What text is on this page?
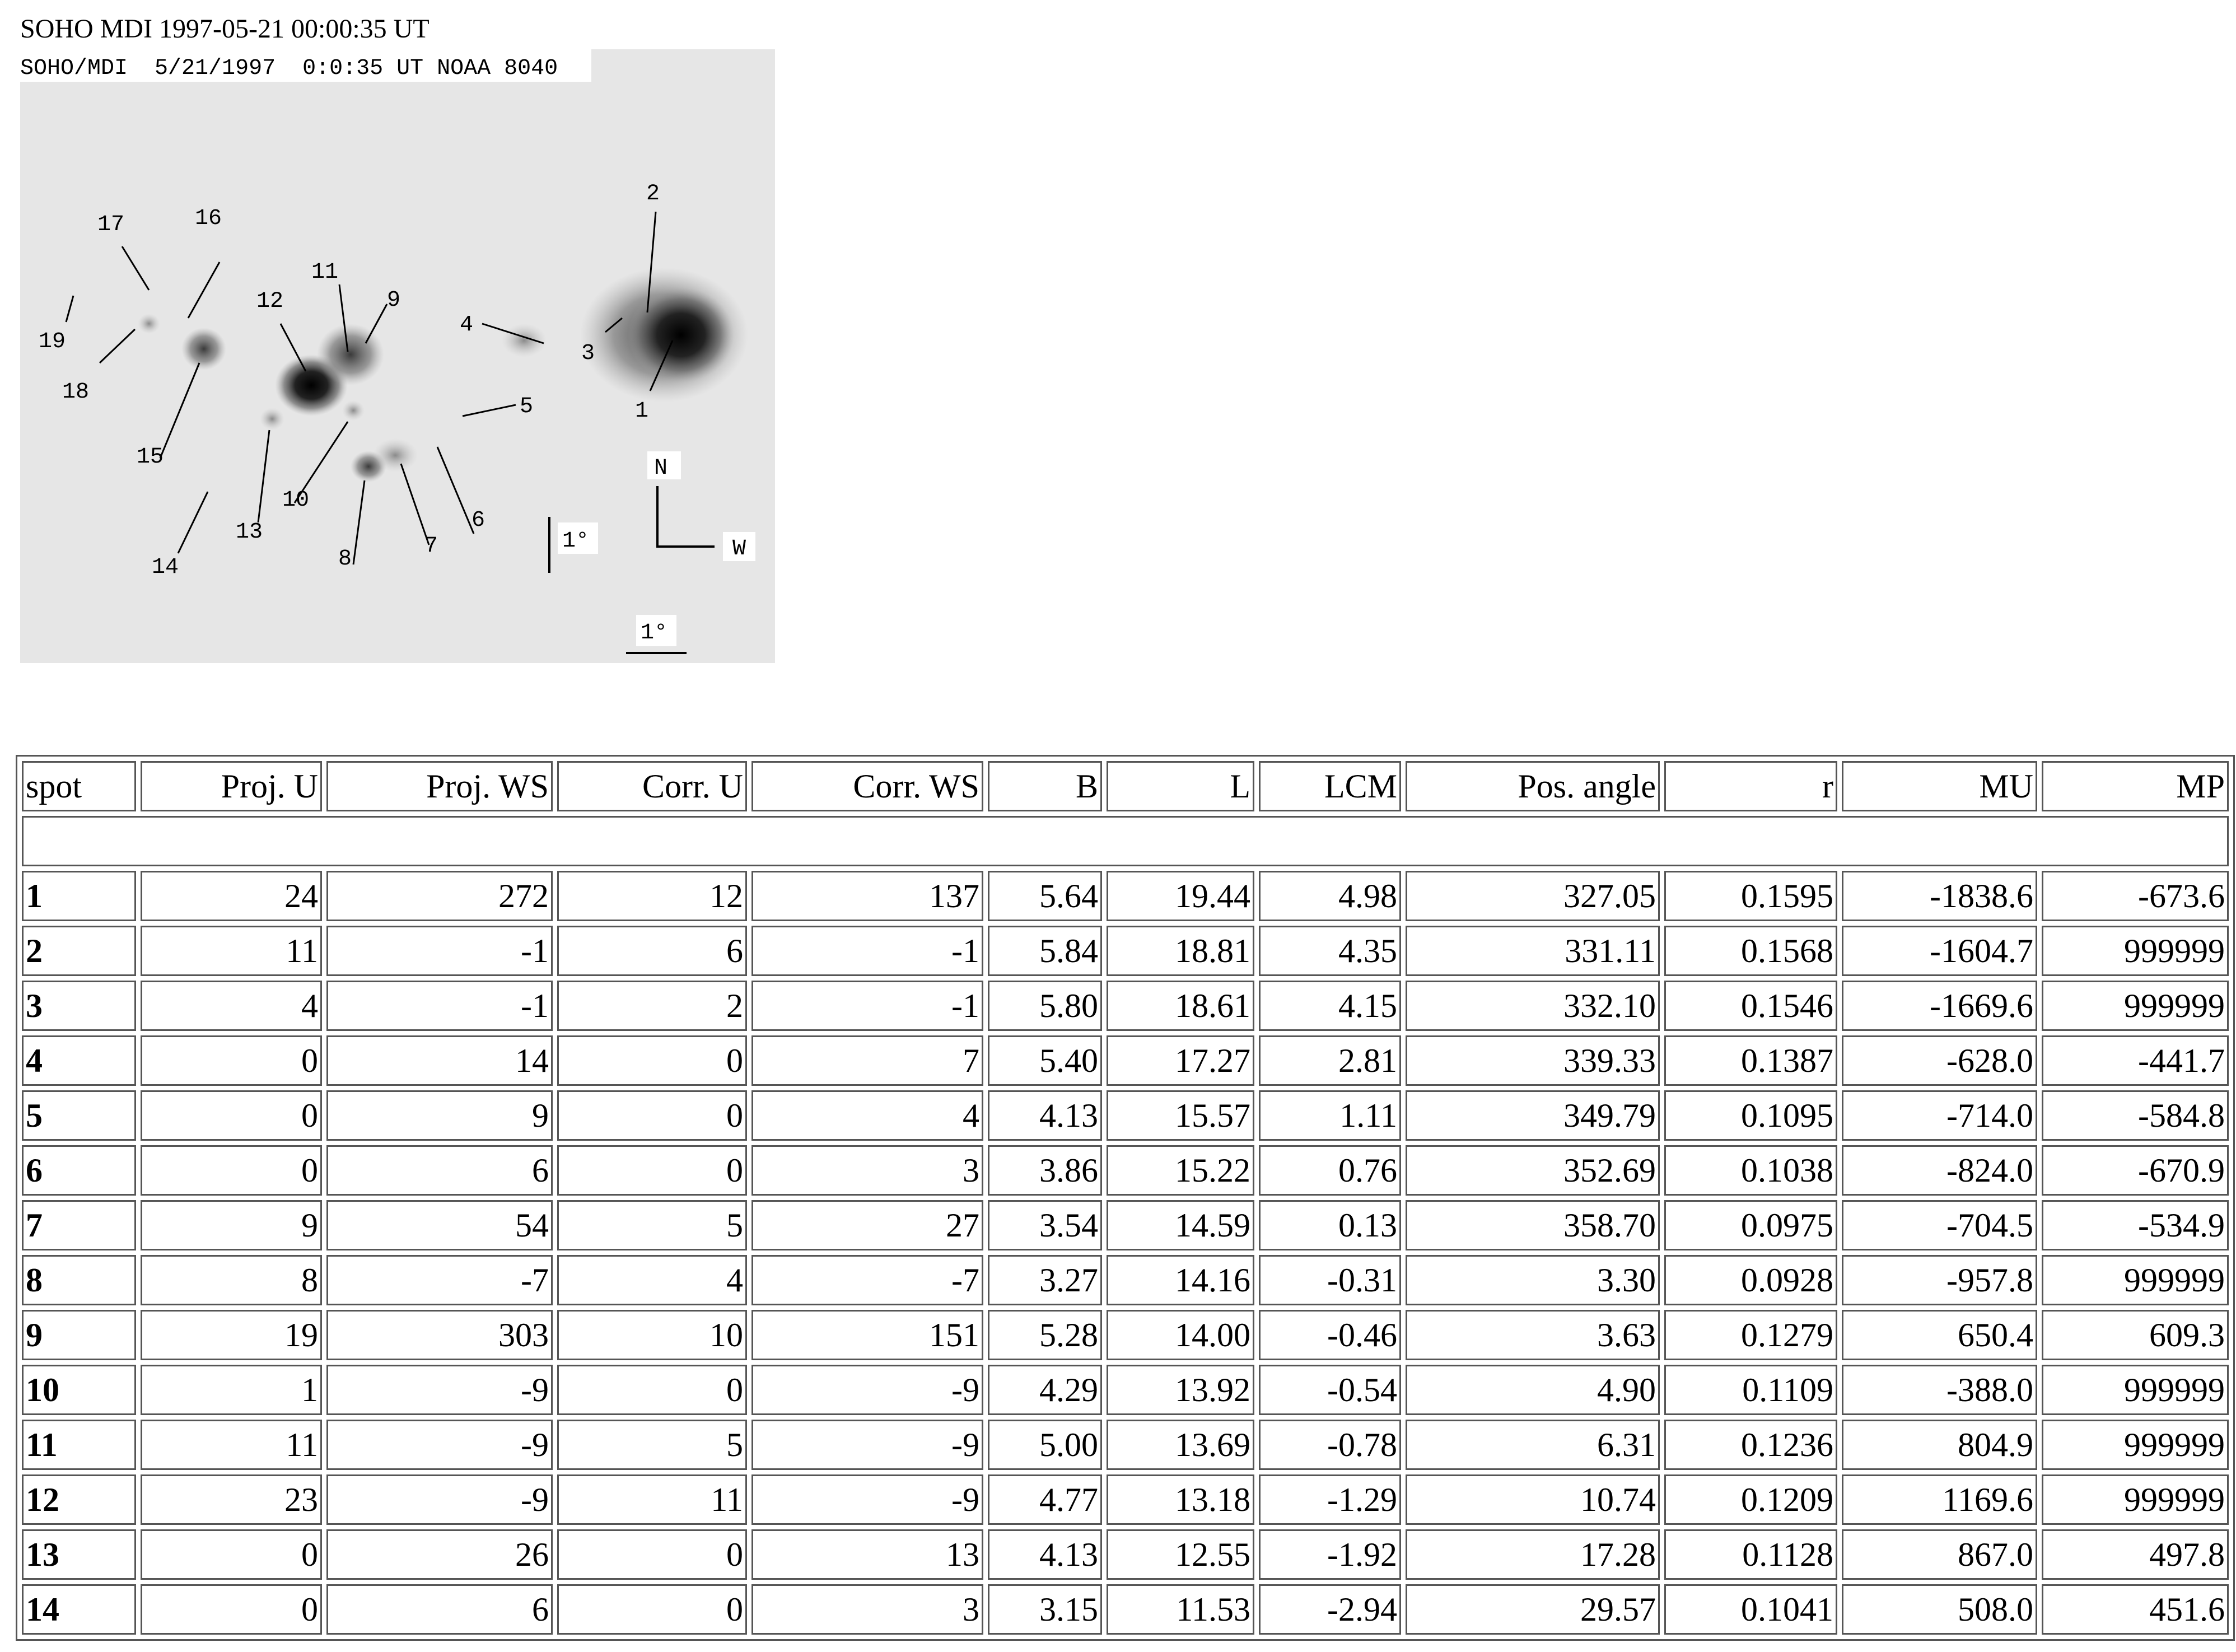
SOHO MDI 1997-05-21 00:00:35 UT
SOHO/MDI  5/21/1997  0:0:35 UT NOAA 8040
1
2
3
4
5
6
7
8
9
10
11
12
13
14
15
16
17
18
19
N
W
1°
1°
spot	Proj. U	Proj. WS	Corr. U	Corr. WS	B	L	LCM	Pos. angle	r	MU	MP

1	24	272	12	137	5.64	19.44	4.98	327.05	0.1595	-1838.6	-673.6
2	11	-1	6	-1	5.84	18.81	4.35	331.11	0.1568	-1604.7	999999
3	4	-1	2	-1	5.80	18.61	4.15	332.10	0.1546	-1669.6	999999
4	0	14	0	7	5.40	17.27	2.81	339.33	0.1387	-628.0	-441.7
5	0	9	0	4	4.13	15.57	1.11	349.79	0.1095	-714.0	-584.8
6	0	6	0	3	3.86	15.22	0.76	352.69	0.1038	-824.0	-670.9
7	9	54	5	27	3.54	14.59	0.13	358.70	0.0975	-704.5	-534.9
8	8	-7	4	-7	3.27	14.16	-0.31	3.30	0.0928	-957.8	999999
9	19	303	10	151	5.28	14.00	-0.46	3.63	0.1279	650.4	609.3
10	1	-9	0	-9	4.29	13.92	-0.54	4.90	0.1109	-388.0	999999
11	11	-9	5	-9	5.00	13.69	-0.78	6.31	0.1236	804.9	999999
12	23	-9	11	-9	4.77	13.18	-1.29	10.74	0.1209	1169.6	999999
13	0	26	0	13	4.13	12.55	-1.92	17.28	0.1128	867.0	497.8
14	0	6	0	3	3.15	11.53	-2.94	29.57	0.1041	508.0	451.6
